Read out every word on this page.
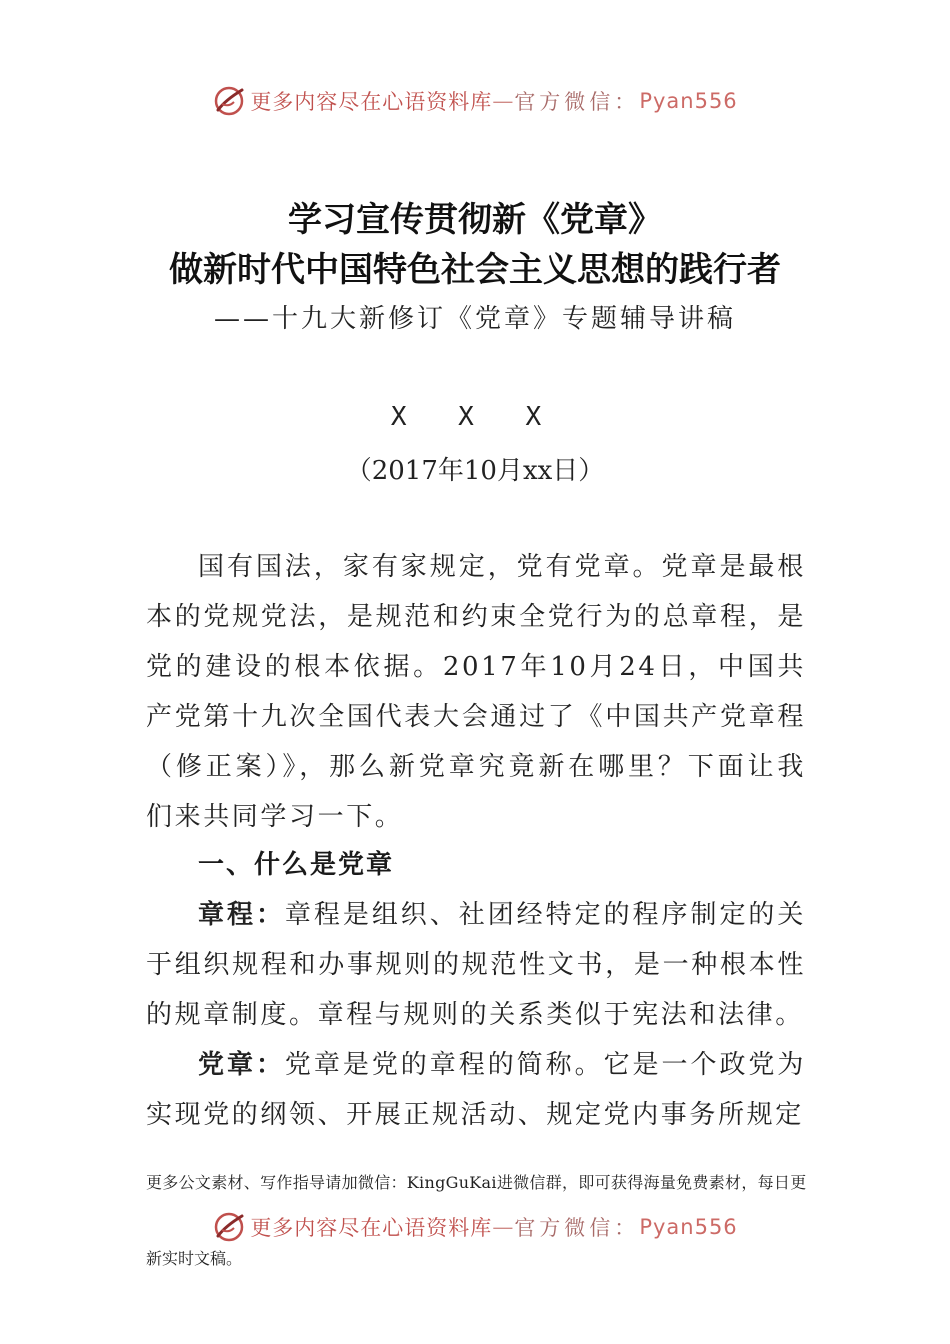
更多内容尽在心语资料库 — 官方微信： Pyan556
学习宣传贯彻新《党章》
做新时代中国特色社会主义思想的践行者
——十九大新修订《党章》专题辅导讲稿
X X X
（2017年10月xx日）

国有国法，家有家规定，党有党章。党章是最根本的党规党法，是规范和约束全党行为的总章程，是党的建设的根本依据。2017年10月24日，中国共产党第十九次全国代表大会通过了《中国共产党章程（修正案）》，那么新党章究竟新在哪里？下面让我们来共同学习一下。

一、什么是党章

章程：章程是组织、社团经特定的程序制定的关于组织规程和办事规则的规范性文书，是一种根本性的规章制度。章程与规则的关系类似于宪法和法律。

党章：党章是党的章程的简称。它是一个政党为实现党的纲领、开展正规活动、规定党内事务所规定

更多公文素材、写作指导请加微信：KingGuKai进微信群，即可获得海量免费素材，每日更
更多内容尽在心语资料库 — 官方微信： Pyan556
新实时文稿。
